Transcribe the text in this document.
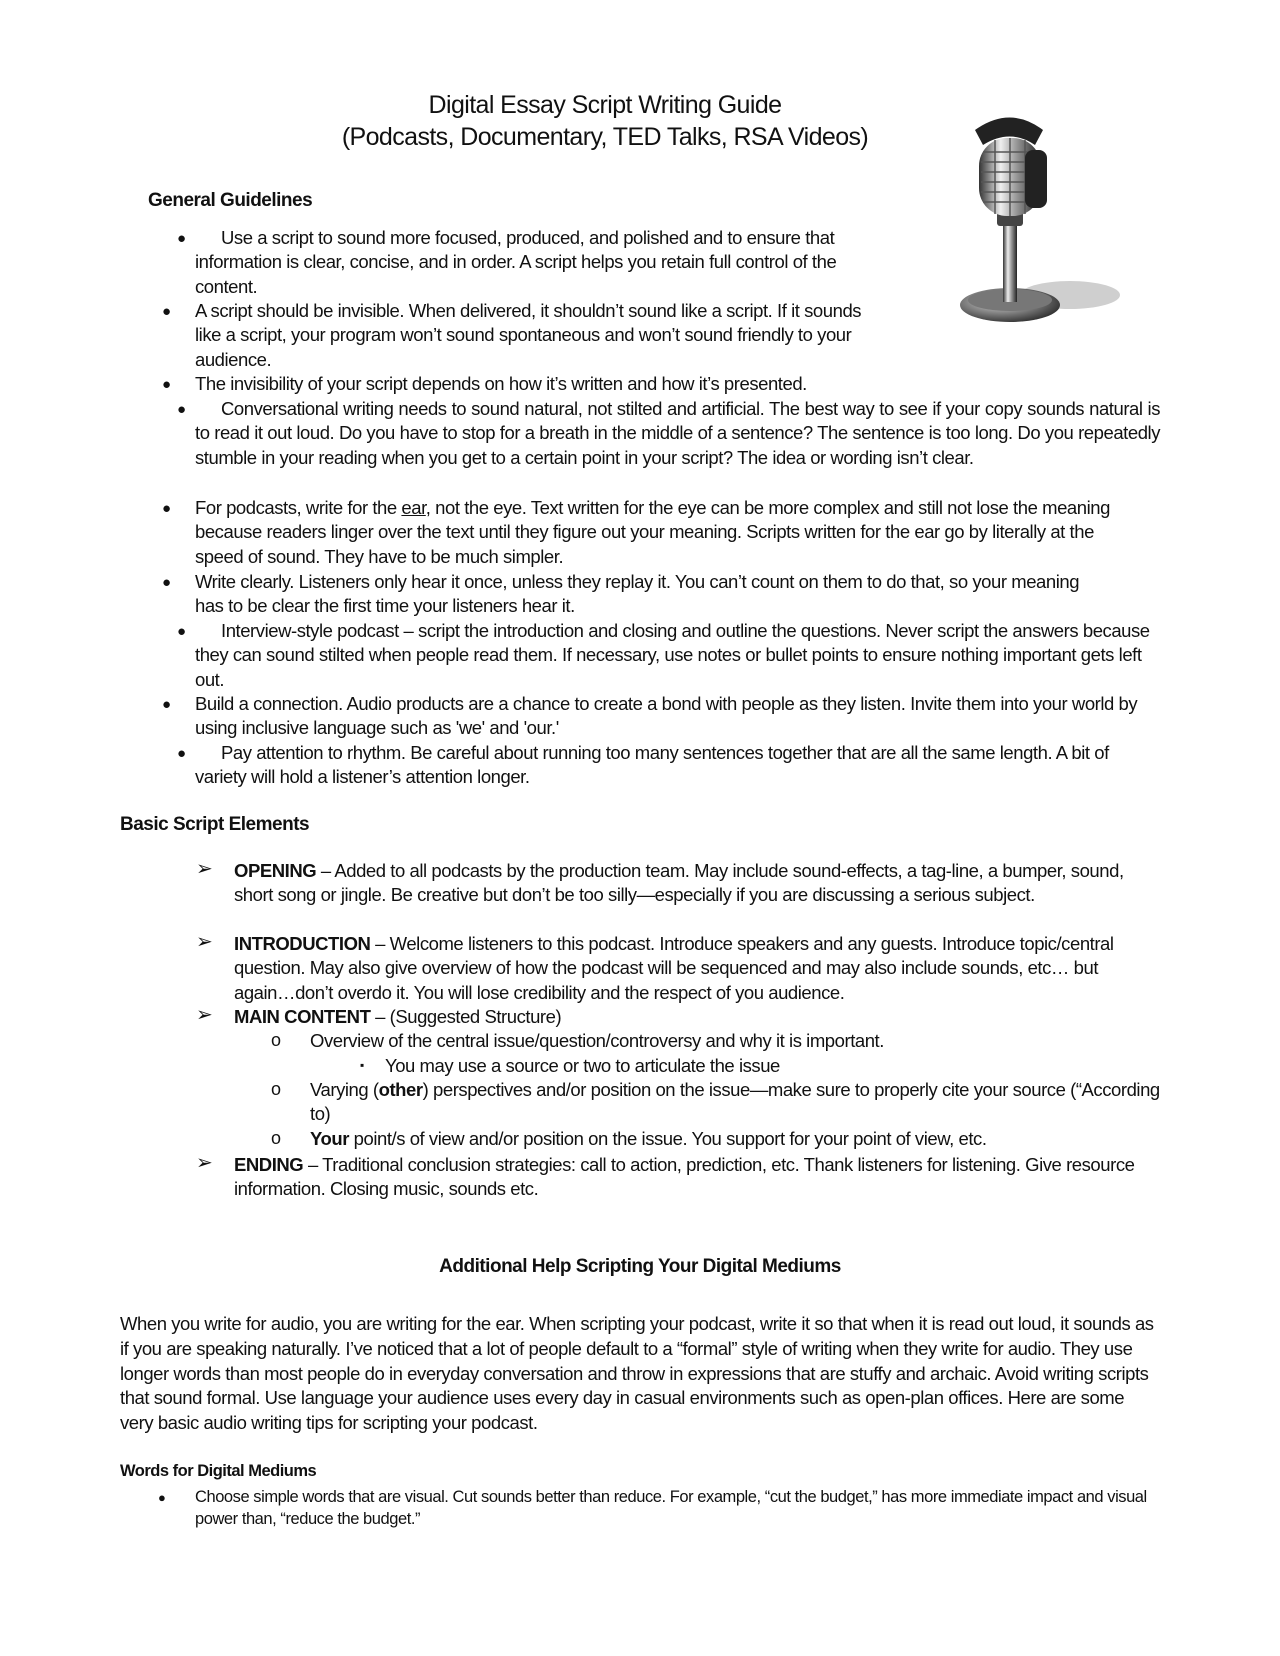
Digital Essay Script Writing Guide
(Podcasts, Documentary, TED Talks, RSA Videos)
General Guidelines
● Use a script to sound more focused, produced, and polished and to ensure that information is clear, concise, and in order. A script helps you retain full control of the content.
● A script should be invisible. When delivered, it shouldn’t sound like a script. If it sounds like a script, your program won’t sound spontaneous and won’t sound friendly to your audience.
● The invisibility of your script depends on how it’s written and how it’s presented.
● Conversational writing needs to sound natural, not stilted and artificial. The best way to see if your copy sounds natural is to read it out loud. Do you have to stop for a breath in the middle of a sentence? The sentence is too long. Do you repeatedly stumble in your reading when you get to a certain point in your script? The idea or wording isn’t clear.
● For podcasts, write for the ear, not the eye. Text written for the eye can be more complex and still not lose the meaning because readers linger over the text until they figure out your meaning. Scripts written for the ear go by literally at the speed of sound. They have to be much simpler.
● Write clearly. Listeners only hear it once, unless they replay it. You can’t count on them to do that, so your meaning has to be clear the first time your listeners hear it.
● Interview-style podcast – script the introduction and closing and outline the questions. Never script the answers because they can sound stilted when people read them. If necessary, use notes or bullet points to ensure nothing important gets left out.
● Build a connection. Audio products are a chance to create a bond with people as they listen. Invite them into your world by using inclusive language such as 'we' and 'our.'
● Pay attention to rhythm. Be careful about running too many sentences together that are all the same length. A bit of variety will hold a listener’s attention longer.
Basic Script Elements
➢ OPENING – Added to all podcasts by the production team. May include sound-effects, a tag-line, a bumper, sound, short song or jingle. Be creative but don’t be too silly—especially if you are discussing a serious subject.
➢ INTRODUCTION – Welcome listeners to this podcast. Introduce speakers and any guests. Introduce topic/central question. May also give overview of how the podcast will be sequenced and may also include sounds, etc… but again…don’t overdo it. You will lose credibility and the respect of you audience.
➢ MAIN CONTENT – (Suggested Structure)
o Overview of the central issue/question/controversy and why it is important.
▪ You may use a source or two to articulate the issue
o Varying (other) perspectives and/or position on the issue—make sure to properly cite your source (“According to)
o Your point/s of view and/or position on the issue. You support for your point of view, etc.
➢ ENDING – Traditional conclusion strategies: call to action, prediction, etc. Thank listeners for listening. Give resource information. Closing music, sounds etc.
Additional Help Scripting Your Digital Mediums
When you write for audio, you are writing for the ear. When scripting your podcast, write it so that when it is read out loud, it sounds as if you are speaking naturally. I’ve noticed that a lot of people default to a “formal” style of writing when they write for audio. They use longer words than most people do in everyday conversation and throw in expressions that are stuffy and archaic. Avoid writing scripts that sound formal. Use language your audience uses every day in casual environments such as open-plan offices. Here are some very basic audio writing tips for scripting your podcast.
Words for Digital Mediums
● Choose simple words that are visual. Cut sounds better than reduce. For example, “cut the budget,” has more immediate impact and visual power than, “reduce the budget.”
